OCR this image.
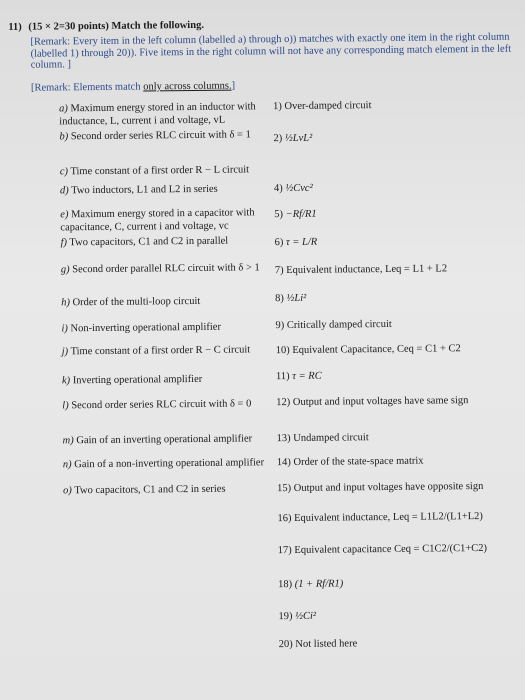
11) (15 × 2=30 points) Match the following.
[Remark: Every item in the left column (labelled a) through o)) matches with exactly one item in the right column (labelled 1) through 20)). Five items in the right column will not have any corresponding match element in the left column. ]
[Remark: Elements match only across columns.]
a) Maximum energy stored in an inductor with inductance, L, current i and voltage, vL
b) Second order series RLC circuit with δ = 1
c) Time constant of a first order R − L circuit
d) Two inductors, L1 and L2 in series
e) Maximum energy stored in a capacitor with capacitance, C, current i and voltage, vc
f) Two capacitors, C1 and C2 in parallel
g) Second order parallel RLC circuit with δ > 1
h) Order of the multi-loop circuit
i) Non-inverting operational amplifier
j) Time constant of a first order R − C circuit
k) Inverting operational amplifier
l) Second order series RLC circuit with δ = 0
m) Gain of an inverting operational amplifier
n) Gain of a non-inverting operational amplifier
o) Two capacitors, C1 and C2 in series
1) Over-damped circuit
2) ½LvL²
4) ½Cvc²
5) −Rf/R1
6) τ = L/R
7) Equivalent inductance, Leq = L1 + L2
8) ½Li²
9) Critically damped circuit
10) Equivalent Capacitance, Ceq = C1 + C2
11) τ = RC
12) Output and input voltages have same sign
13) Undamped circuit
14) Order of the state-space matrix
15) Output and input voltages have opposite sign
16) Equivalent inductance, Leq = L1L2/(L1+L2)
17) Equivalent capacitance Ceq = C1C2/(C1+C2)
18) (1 + Rf/R1)
19) ½Ci²
20) Not listed here
